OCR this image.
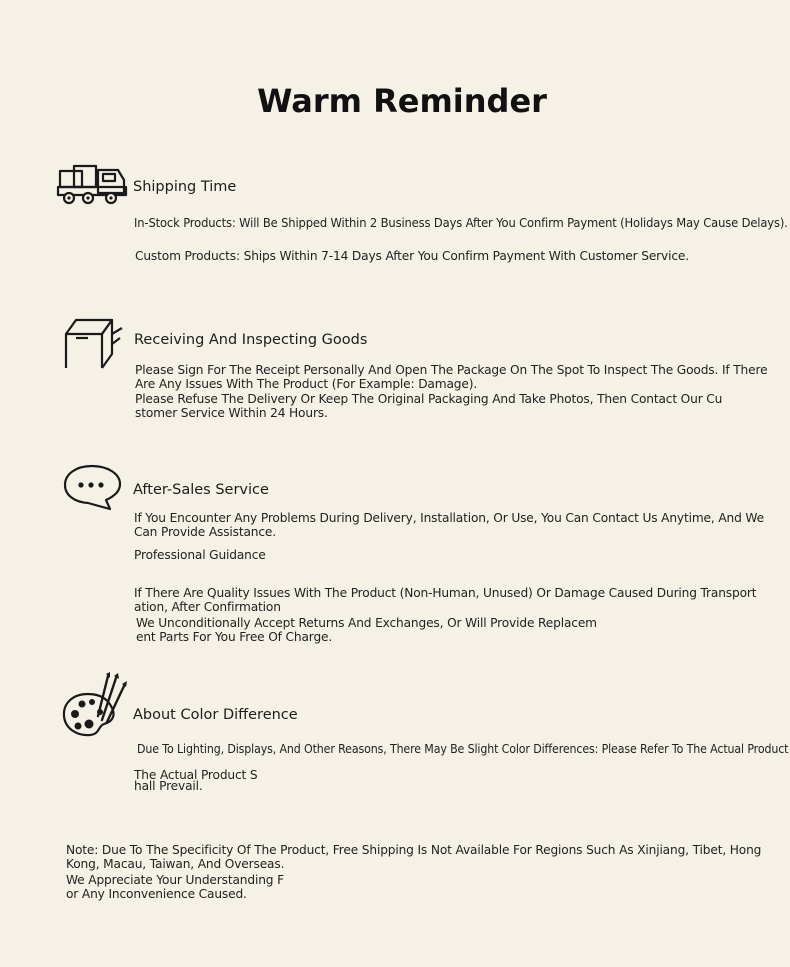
Warm Reminder
Shipping Time
In-Stock Products: Will Be Shipped Within 2 Business Days After You Confirm Payment (Holidays May Cause Delays).
Custom Products: Ships Within 7-14 Days After You Confirm Payment With Customer Service.
Receiving And Inspecting Goods
Please Sign For The Receipt Personally And Open The Package On The Spot To Inspect The Goods. If There
Are Any Issues With The Product (For Example: Damage).
Please Refuse The Delivery Or Keep The Original Packaging And Take Photos, Then Contact Our Cu
stomer Service Within 24 Hours.
After-Sales Service
If You Encounter Any Problems During Delivery, Installation, Or Use, You Can Contact Us Anytime, And We
Can Provide Assistance.
Professional Guidance
If There Are Quality Issues With The Product (Non-Human, Unused) Or Damage Caused During Transport
ation, After Confirmation
We Unconditionally Accept Returns And Exchanges, Or Will Provide Replacem
ent Parts For You Free Of Charge.
About Color Difference
Due To Lighting, Displays, And Other Reasons, There May Be Slight Color Differences: Please Refer To The Actual Product
The Actual Product S
hall Prevail.
Note: Due To The Specificity Of The Product, Free Shipping Is Not Available For Regions Such As Xinjiang, Tibet, Hong
Kong, Macau, Taiwan, And Overseas.
We Appreciate Your Understanding F
or Any Inconvenience Caused.
